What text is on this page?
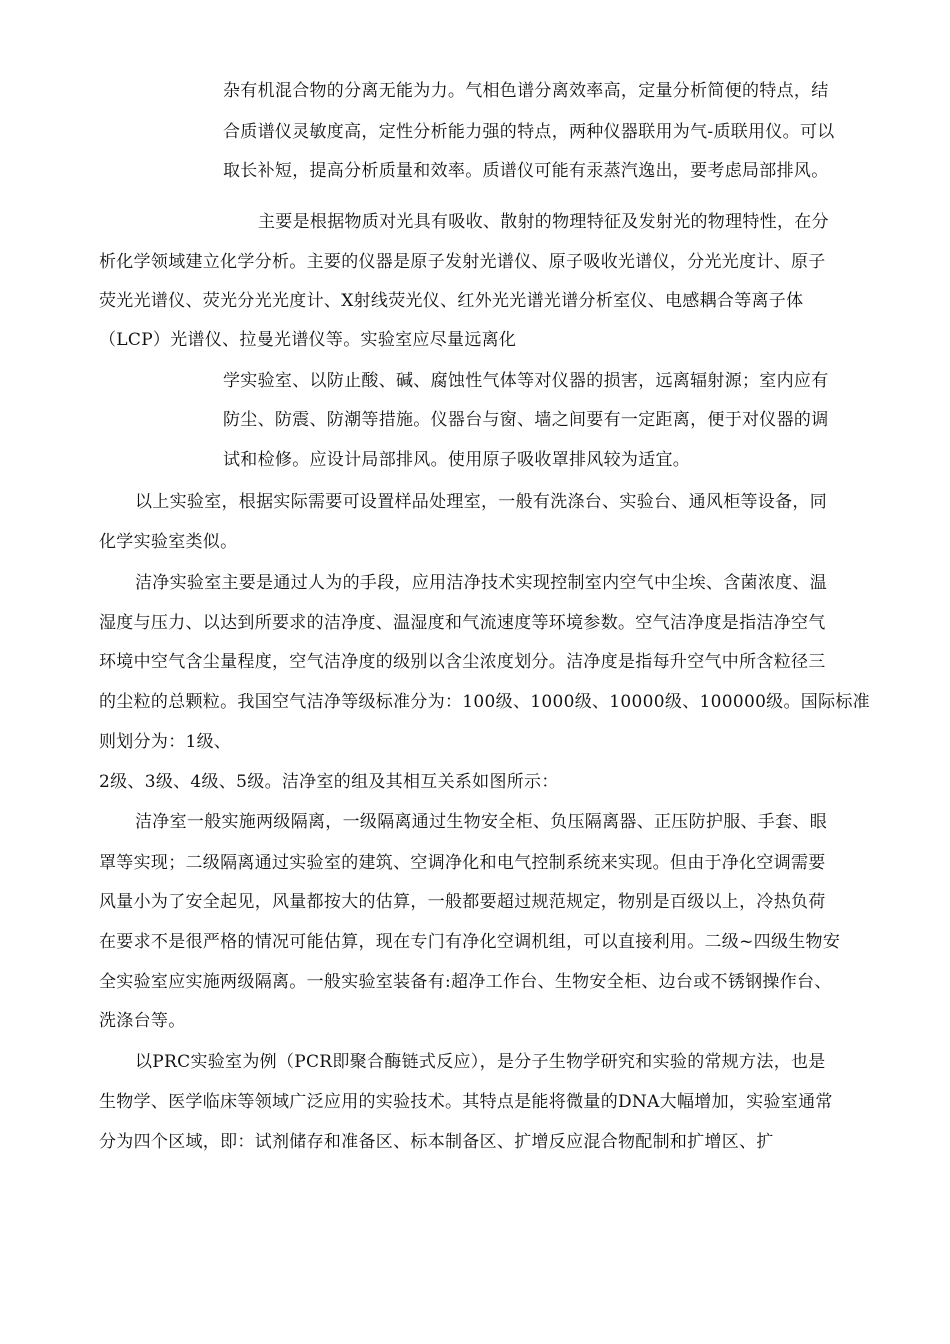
杂有机混合物的分离无能为力。气相色谱分离效率高，定量分析简便的特点，结
合质谱仪灵敏度高，定性分析能力强的特点，两种仪器联用为气-质联用仪。可以
取长补短，提高分析质量和效率。质谱仪可能有汞蒸汽逸出，要考虑局部排风。
主要是根据物质对光具有吸收、散射的物理特征及发射光的物理特性，在分
析化学领域建立化学分析。主要的仪器是原子发射光谱仪、原子吸收光谱仪，分光光度计、原子
荧光光谱仪、荧光分光光度计、X射线荧光仪、红外光光谱光谱分析室仪、电感耦合等离子体
（LCP）光谱仪、拉曼光谱仪等。实验室应尽量远离化
学实验室、以防止酸、碱、腐蚀性气体等对仪器的损害，远离辐射源；室内应有
防尘、防震、防潮等措施。仪器台与窗、墙之间要有一定距离，便于对仪器的调
试和检修。应设计局部排风。使用原子吸收罩排风较为适宜。
以上实验室，根据实际需要可设置样品处理室，一般有洗涤台、实验台、通风柜等设备，同
化学实验室类似。
洁净实验室主要是通过人为的手段，应用洁净技术实现控制室内空气中尘埃、含菌浓度、温
湿度与压力、以达到所要求的洁净度、温湿度和气流速度等环境参数。空气洁净度是指洁净空气
环境中空气含尘量程度，空气洁净度的级别以含尘浓度划分。洁净度是指每升空气中所含粒径三
的尘粒的总颗粒。我国空气洁净等级标准分为：100级、1000级、10000级、100000级。国际标准
则划分为：1级、
2级、3级、4级、5级。洁净室的组及其相互关系如图所示：
洁净室一般实施两级隔离，一级隔离通过生物安全柜、负压隔离器、正压防护服、手套、眼
罩等实现；二级隔离通过实验室的建筑、空调净化和电气控制系统来实现。但由于净化空调需要
风量小为了安全起见，风量都按大的估算，一般都要超过规范规定，物别是百级以上，冷热负荷
在要求不是很严格的情况可能估算，现在专门有净化空调机组，可以直接利用。二级~四级生物安
全实验室应实施两级隔离。一般实验室装备有:超净工作台、生物安全柜、边台或不锈钢操作台、
洗涤台等。
以PRC实验室为例（PCR即聚合酶链式反应），是分子生物学研究和实验的常规方法，也是
生物学、医学临床等领域广泛应用的实验技术。其特点是能将微量的DNA大幅增加，实验室通常
分为四个区域，即：试剂储存和准备区、标本制备区、扩增反应混合物配制和扩增区、扩
